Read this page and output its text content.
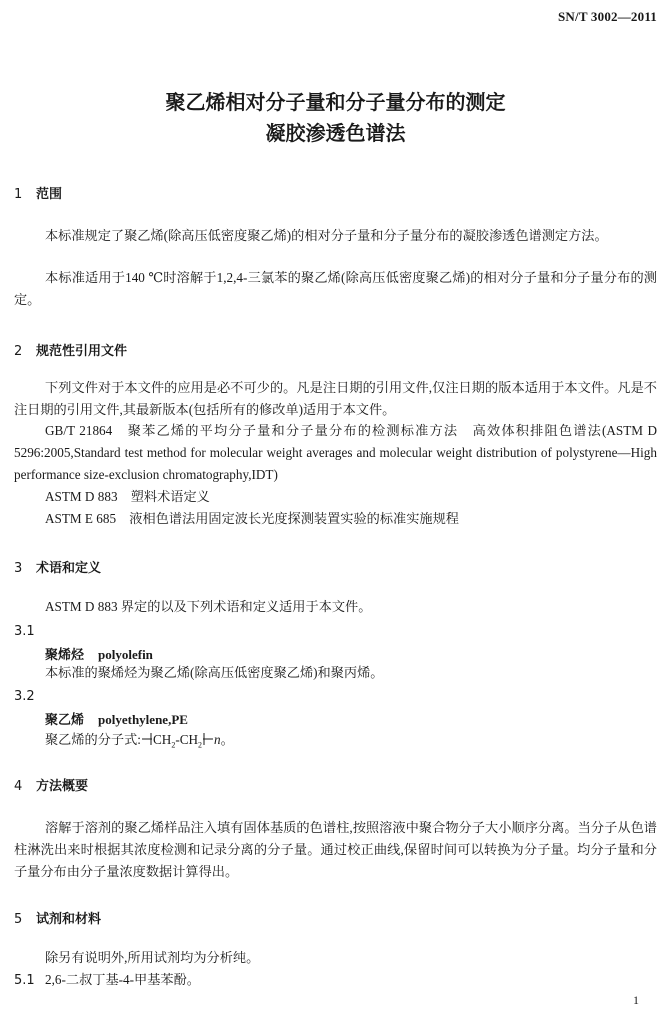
SN/T 3002—2011
聚乙烯相对分子量和分子量分布的测定
凝胶渗透色谱法
1 范围
本标准规定了聚乙烯(除高压低密度聚乙烯)的相对分子量和分子量分布的凝胶渗透色谱测定方法。
本标准适用于140 ℃时溶解于1,2,4-三氯苯的聚乙烯(除高压低密度聚乙烯)的相对分子量和分子量分布的测定。
2 规范性引用文件
下列文件对于本文件的应用是必不可少的。凡是注日期的引用文件,仅注日期的版本适用于本文件。凡是不注日期的引用文件,其最新版本(包括所有的修改单)适用于本文件。
GB/T 21864　聚苯乙烯的平均分子量和分子量分布的检测标准方法　高效体积排阻色谱法(ASTM D 5296:2005,Standard test method for molecular weight averages and molecular weight distribution of polystyrene—High performance size-exclusion chromatography,IDT)
ASTM D 883　塑料术语定义
ASTM E 685　液相色谱法用固定波长光度探测装置实验的标准实施规程
3 术语和定义
ASTM D 883 界定的以及下列术语和定义适用于本文件。
3.1
聚烯烃 polyolefin
本标准的聚烯烃为聚乙烯(除高压低密度聚乙烯)和聚丙烯。
3.2
聚乙烯 polyethylene,PE
聚乙烯的分子式: $CH_2-CH_2$ n。
4 方法概要
溶解于溶剂的聚乙烯样品注入填有固体基质的色谱柱,按照溶液中聚合物分子大小顺序分离。当分子从色谱柱淋洗出来时根据其浓度检测和记录分离的分子量。通过校正曲线,保留时间可以转换为分子量。均分子量和分子量分布由分子量浓度数据计算得出。
5 试剂和材料
除另有说明外,所用试剂均为分析纯。
5.1 2,6-二叔丁基-4-甲基苯酚。
1
